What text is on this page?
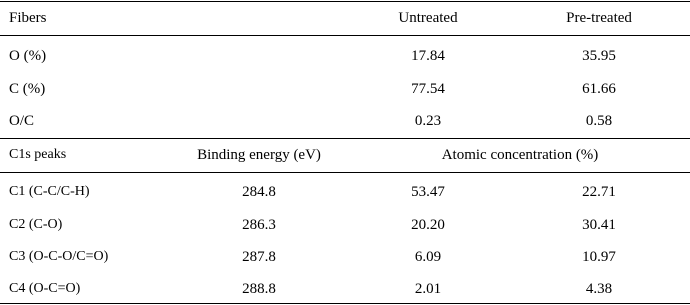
Fibers	Untreated	Pre-treated
O (%)	17.84	35.95
C (%)	77.54	61.66
O/C	0.23	0.58
C1s peaks	Binding energy (eV)	Atomic concentration (%)
C1 (C-C/C-H)	284.8	53.47	22.71
C2 (C-O)	286.3	20.20	30.41
C3 (O-C-O/C=O)	287.8	6.09	10.97
C4 (O-C=O)	288.8	2.01	4.38
